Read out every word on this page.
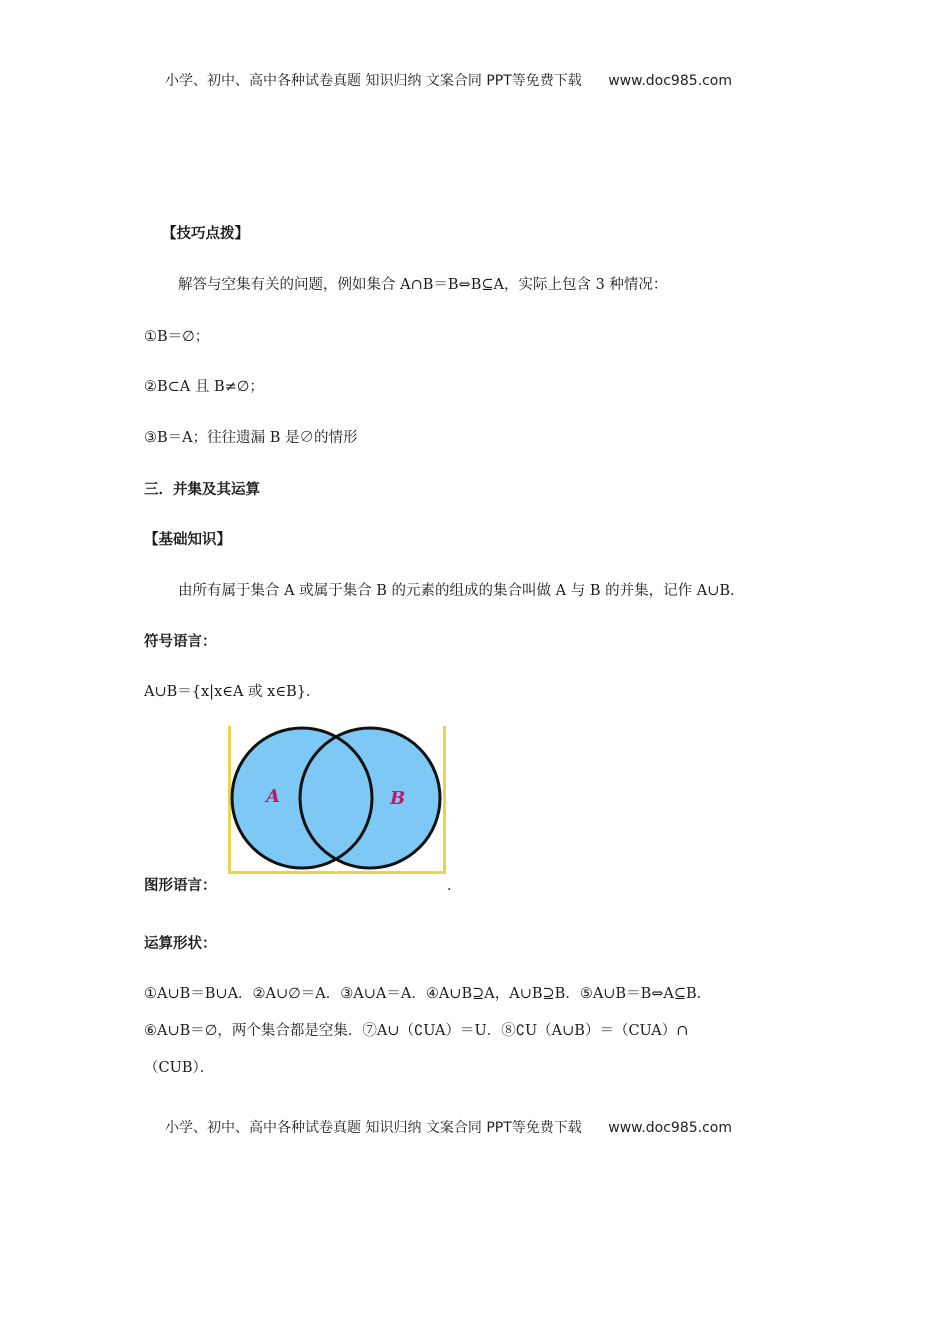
小学、初中、高中各种试卷真题 知识归纳 文案合同 PPT等免费下载 www.doc985.com
【技巧点拨】
解答与空集有关的问题，例如集合 A∩B＝B⇔B⊆A，实际上包含 3 种情况：
①B＝∅；
②B⊂A 且 B≠∅；
③B＝A；往往遗漏 B 是∅的情形
三．并集及其运算
【基础知识】
由所有属于集合 A 或属于集合 B 的元素的组成的集合叫做 A 与 B 的并集，记作 A∪B．
符号语言：
A∪B＝{x|x∈A 或 x∈B}．
A	B
图形语言：	．
运算形状：
①A∪B＝B∪A．②A∪∅＝A．③A∪A＝A．④A∪B⊇A，A∪B⊇B．⑤A∪B＝B⇔A⊆B．
⑥A∪B＝∅，两个集合都是空集．⑦A∪（∁UA）＝U．⑧∁U（A∪B）＝（CUA）∩
（CUB）．
小学、初中、高中各种试卷真题 知识归纳 文案合同 PPT等免费下载 www.doc985.com
